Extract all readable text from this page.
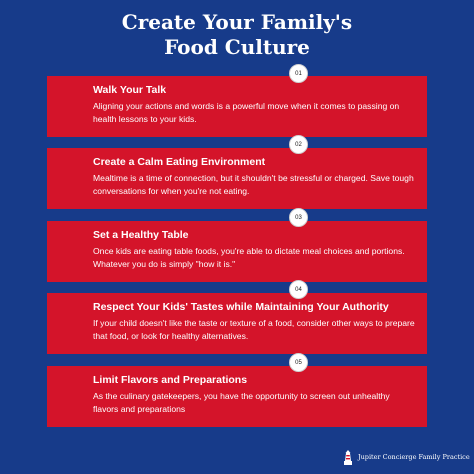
Create Your Family's
Food Culture
Walk Your Talk
Aligning your actions and words is a powerful move when it comes to passing on health lessons to your kids.
01
Create a Calm Eating Environment
Mealtime is a time of connection, but it shouldn't be stressful or charged. Save tough conversations for when you're not eating.
02
Set a Healthy Table
Once kids are eating table foods, you're able to dictate meal choices and portions. Whatever you do is simply "how it is."
03
Respect Your Kids' Tastes while Maintaining Your Authority
If your child doesn't like the taste or texture of a food, consider other ways to prepare that food, or look for healthy alternatives.
04
Limit Flavors and Preparations
As the culinary gatekeepers, you have the opportunity to screen out unhealthy flavors and preparations
05
Jupiter Concierge Family Practice
